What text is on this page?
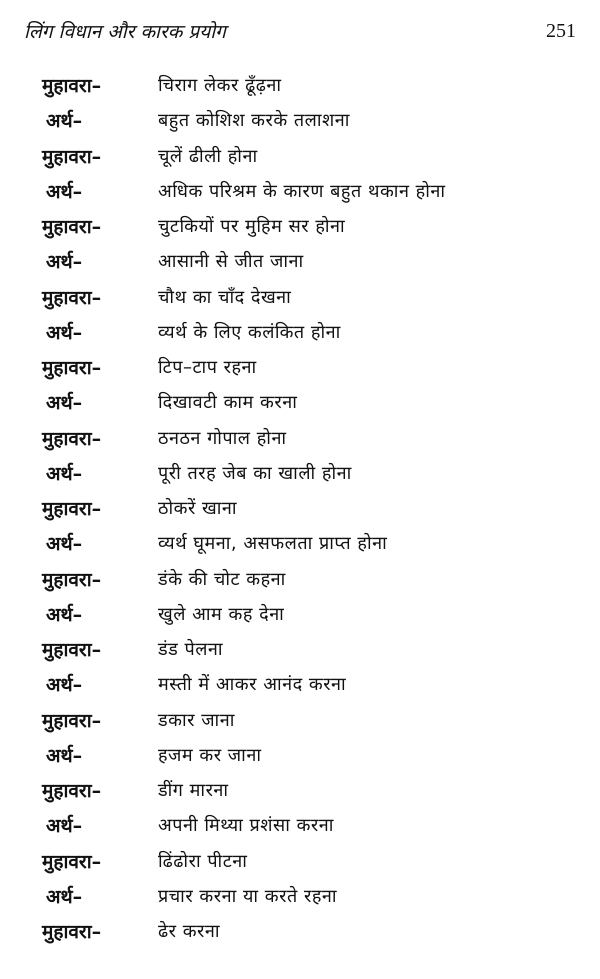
लिंग विधान और कारक प्रयोग	251
मुहावरा–	चिराग लेकर ढूँढ़ना
अर्थ–	बहुत कोशिश करके तलाशना
मुहावरा–	चूलें ढीली होना
अर्थ–	अधिक परिश्रम के कारण बहुत थकान होना
मुहावरा–	चुटकियों पर मुहिम सर होना
अर्थ–	आसानी से जीत जाना
मुहावरा–	चौथ का चाँद देखना
अर्थ–	व्यर्थ के लिए कलंकित होना
मुहावरा–	टिप–टाप रहना
अर्थ–	दिखावटी काम करना
मुहावरा–	ठनठन गोपाल होना
अर्थ–	पूरी तरह जेब का खाली होना
मुहावरा–	ठोकरें खाना
अर्थ–	व्यर्थ घूमना, असफलता प्राप्त होना
मुहावरा–	डंके की चोट कहना
अर्थ–	खुले आम कह देना
मुहावरा–	डंड पेलना
अर्थ–	मस्ती में आकर आनंद करना
मुहावरा–	डकार जाना
अर्थ–	हजम कर जाना
मुहावरा–	डींग मारना
अर्थ–	अपनी मिथ्या प्रशंसा करना
मुहावरा–	ढिंढोरा पीटना
अर्थ–	प्रचार करना या करते रहना
मुहावरा–	ढेर करना
